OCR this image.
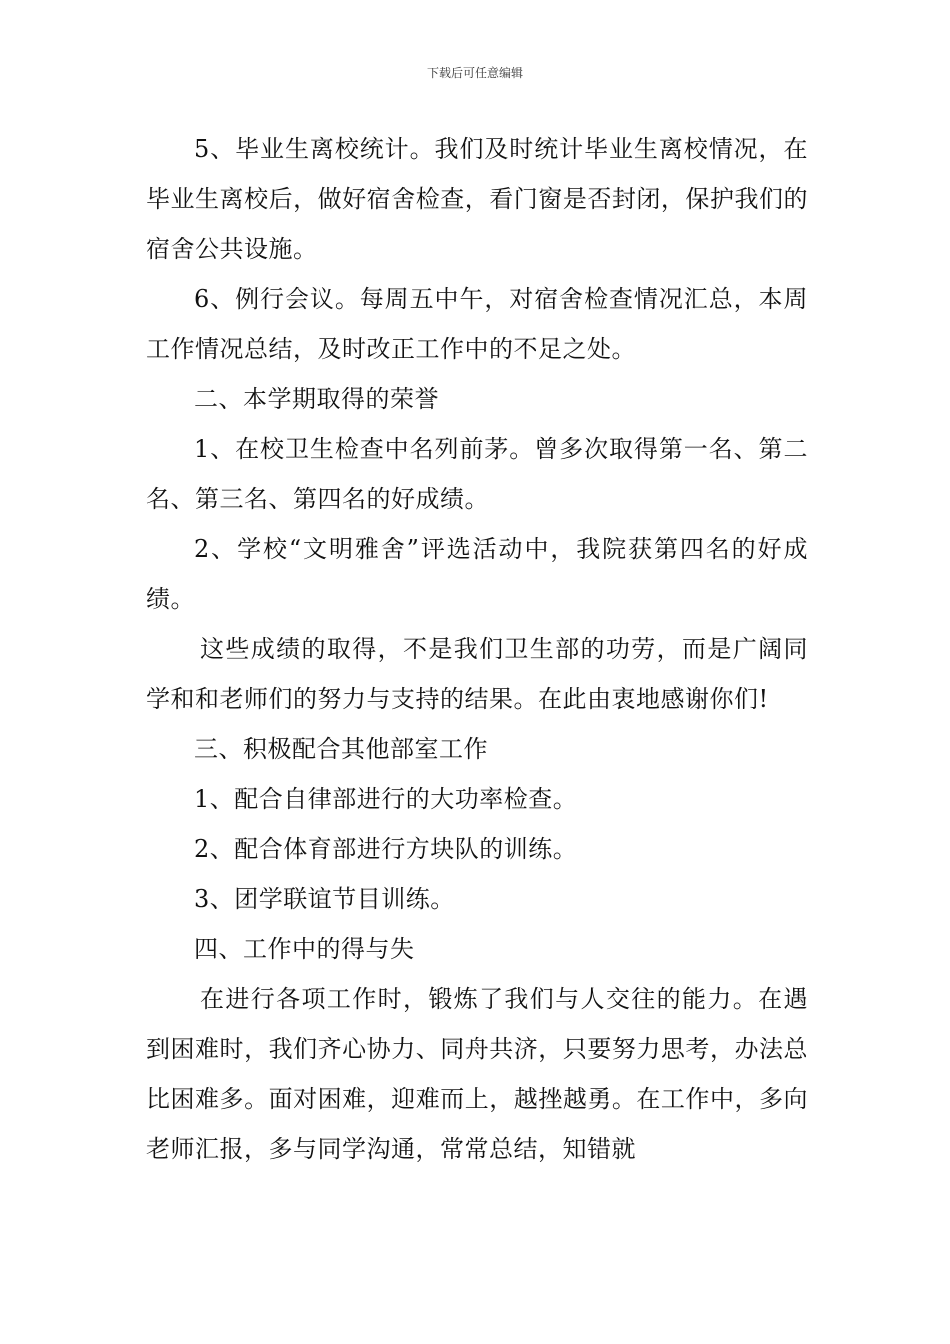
下载后可任意编辑

5、毕业生离校统计。我们及时统计毕业生离校情况，在毕业生离校后，做好宿舍检查，看门窗是否封闭，保护我们的宿舍公共设施。

6、例行会议。每周五中午，对宿舍检查情况汇总，本周工作情况总结，及时改正工作中的不足之处。

二、本学期取得的荣誉

1、在校卫生检查中名列前茅。曾多次取得第一名、第二名、第三名、第四名的好成绩。

2、学校“文明雅舍”评选活动中，我院获第四名的好成绩。

这些成绩的取得，不是我们卫生部的功劳，而是广阔同学和和老师们的努力与支持的结果。在此由衷地感谢你们!

三、积极配合其他部室工作

1、配合自律部进行的大功率检查。

2、配合体育部进行方块队的训练。

3、团学联谊节目训练。

四、工作中的得与失

在进行各项工作时，锻炼了我们与人交往的能力。在遇到困难时，我们齐心协力、同舟共济，只要努力思考，办法总比困难多。面对困难，迎难而上，越挫越勇。在工作中，多向老师汇报，多与同学沟通，常常总结，知错就
